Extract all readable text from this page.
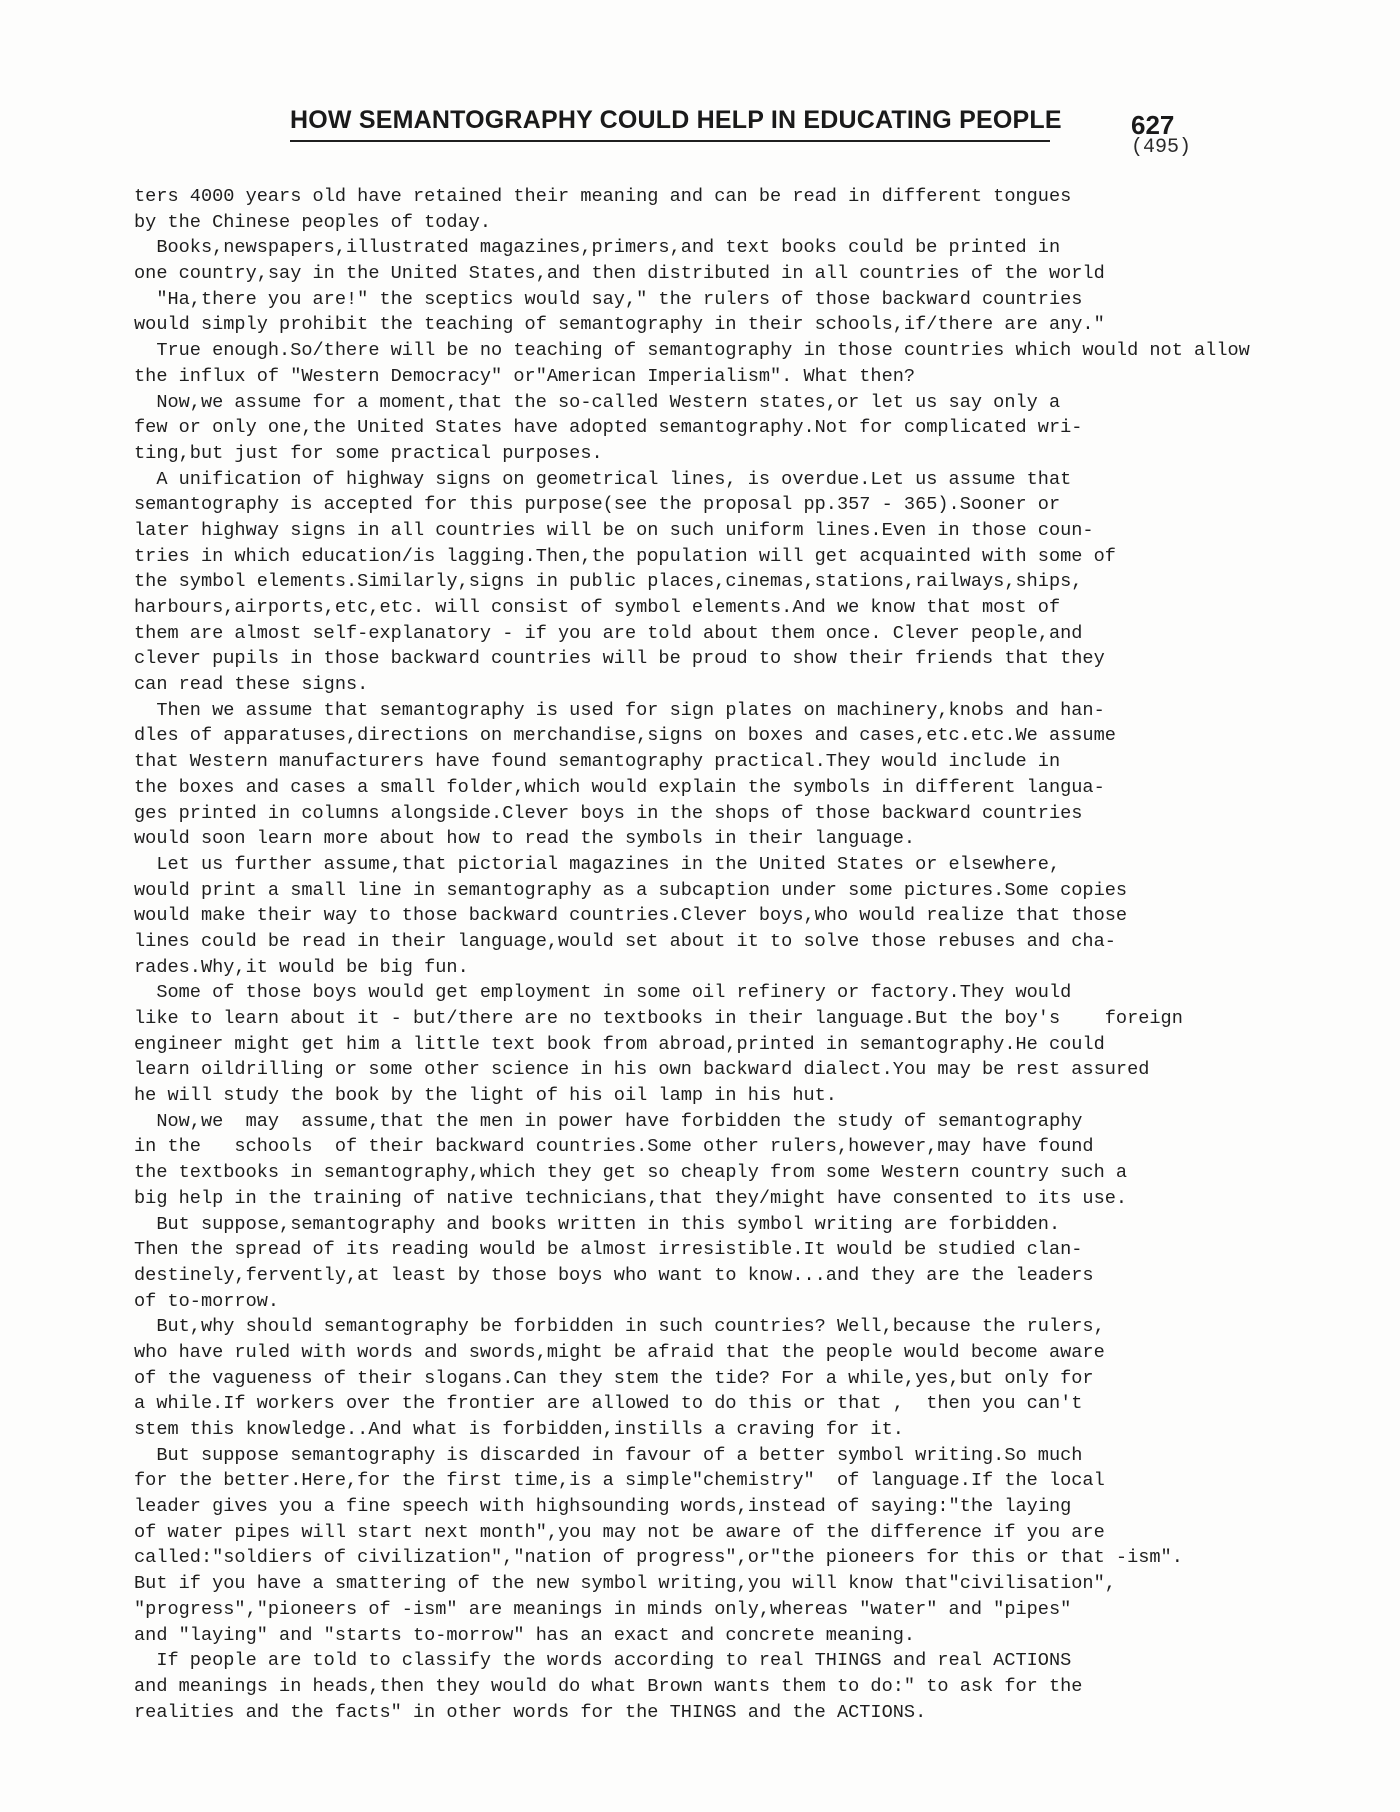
HOW SEMANTOGRAPHY COULD HELP IN EDUCATING PEOPLE	627
(495)
ters 4000 years old have retained their meaning and can be read in different tongues
by the Chinese peoples of today.
Books,newspapers,illustrated magazines,primers,and text books could be printed in
one country,say in the United States,and then distributed in all countries of the world
"Ha,there you are!" the sceptics would say," the rulers of those backward countries
would simply prohibit the teaching of semantography in their schools,if/there are any."
True enough.So/there will be no teaching of semantography in those countries which would not allow
the influx of "Western Democracy" or"American Imperialism". What then?
Now,we assume for a moment,that the so-called Western states,or let us say only a
few or only one,the United States have adopted semantography.Not for complicated wri-
ting,but just for some practical purposes.
A unification of highway signs on geometrical lines, is overdue.Let us assume that
semantography is accepted for this purpose(see the proposal pp.357 - 365).Sooner or
later highway signs in all countries will be on such uniform lines.Even in those coun-
tries in which education/is lagging.Then,the population will get acquainted with some of
the symbol elements.Similarly,signs in public places,cinemas,stations,railways,ships,
harbours,airports,etc,etc. will consist of symbol elements.And we know that most of
them are almost self-explanatory - if you are told about them once. Clever people,and
clever pupils in those backward countries will be proud to show their friends that they
can read these signs.
Then we assume that semantography is used for sign plates on machinery,knobs and han-
dles of apparatuses,directions on merchandise,signs on boxes and cases,etc.etc.We assume
that Western manufacturers have found semantography practical.They would include in
the boxes and cases a small folder,which would explain the symbols in different langua-
ges printed in columns alongside.Clever boys in the shops of those backward countries
would soon learn more about how to read the symbols in their language.
Let us further assume,that pictorial magazines in the United States or elsewhere,
would print a small line in semantography as a subcaption under some pictures.Some copies
would make their way to those backward countries.Clever boys,who would realize that those
lines could be read in their language,would set about it to solve those rebuses and cha-
rades.Why,it would be big fun.
Some of those boys would get employment in some oil refinery or factory.They would
like to learn about it - but/there are no textbooks in their language.But the boy's    foreign
engineer might get him a little text book from abroad,printed in semantography.He could
learn oildrilling or some other science in his own backward dialect.You may be rest assured
he will study the book by the light of his oil lamp in his hut.
Now,we  may  assume,that the men in power have forbidden the study of semantography
in the   schools  of their backward countries.Some other rulers,however,may have found
the textbooks in semantography,which they get so cheaply from some Western country such a
big help in the training of native technicians,that they/might have consented to its use.
But suppose,semantography and books written in this symbol writing are forbidden.
Then the spread of its reading would be almost irresistible.It would be studied clan-
destinely,fervently,at least by those boys who want to know...and they are the leaders
of to-morrow.
But,why should semantography be forbidden in such countries? Well,because the rulers,
who have ruled with words and swords,might be afraid that the people would become aware
of the vagueness of their slogans.Can they stem the tide? For a while,yes,but only for
a while.If workers over the frontier are allowed to do this or that ,  then you can't
stem this knowledge..And what is forbidden,instills a craving for it.
But suppose semantography is discarded in favour of a better symbol writing.So much
for the better.Here,for the first time,is a simple"chemistry"  of language.If the local
leader gives you a fine speech with highsounding words,instead of saying:"the laying
of water pipes will start next month",you may not be aware of the difference if you are
called:"soldiers of civilization","nation of progress",or"the pioneers for this or that -ism".
But if you have a smattering of the new symbol writing,you will know that"civilisation",
"progress","pioneers of -ism" are meanings in minds only,whereas "water" and "pipes"
and "laying" and "starts to-morrow" has an exact and concrete meaning.
If people are told to classify the words according to real THINGS and real ACTIONS
and meanings in heads,then they would do what Brown wants them to do:" to ask for the
realities and the facts" in other words for the THINGS and the ACTIONS.
